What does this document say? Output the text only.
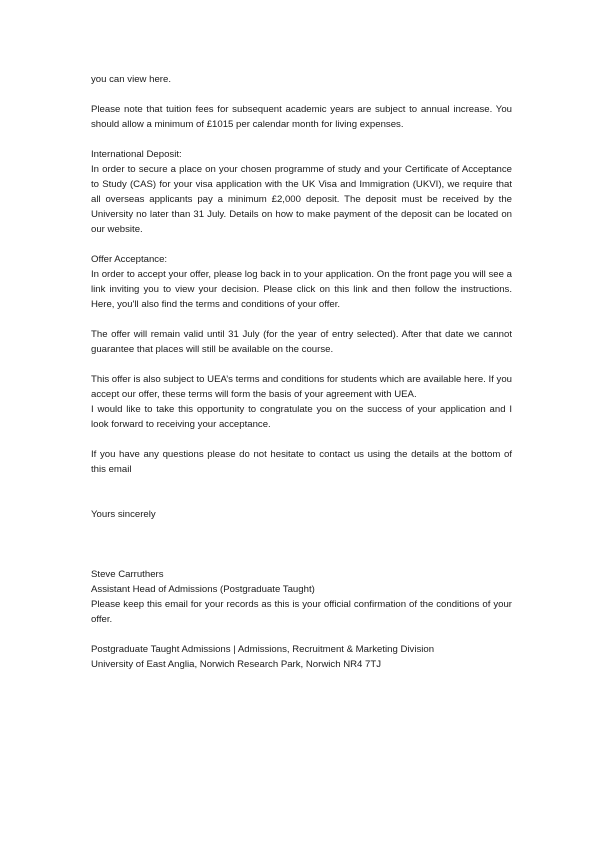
you can view here.

Please note that tuition fees for subsequent academic years are subject to annual increase. You should allow a minimum of £1015 per calendar month for living expenses.

International Deposit:

In order to secure a place on your chosen programme of study and your Certificate of Acceptance to Study (CAS) for your visa application with the UK Visa and Immigration (UKVI), we require that all overseas applicants pay a minimum £2,000 deposit. The deposit must be received by the University no later than 31 July. Details on how to make payment of the deposit can be located on our website.

Offer Acceptance:

In order to accept your offer, please log back in to your application. On the front page you will see a link inviting you to view your decision. Please click on this link and then follow the instructions. Here, you'll also find the terms and conditions of your offer.

The offer will remain valid until 31 July (for the year of entry selected). After that date we cannot guarantee that places will still be available on the course.

This offer is also subject to UEA’s terms and conditions for students which are available here. If you accept our offer, these terms will form the basis of your agreement with UEA.

I would like to take this opportunity to congratulate you on the success of your application and I look forward to receiving your acceptance.

If you have any questions please do not hesitate to contact us using the details at the bottom of this email

Yours sincerely

Steve Carruthers

Assistant Head of Admissions (Postgraduate Taught)

Please keep this email for your records as this is your official confirmation of the conditions of your offer.

Postgraduate Taught Admissions | Admissions, Recruitment & Marketing Division

University of East Anglia, Norwich Research Park, Norwich NR4 7TJ
